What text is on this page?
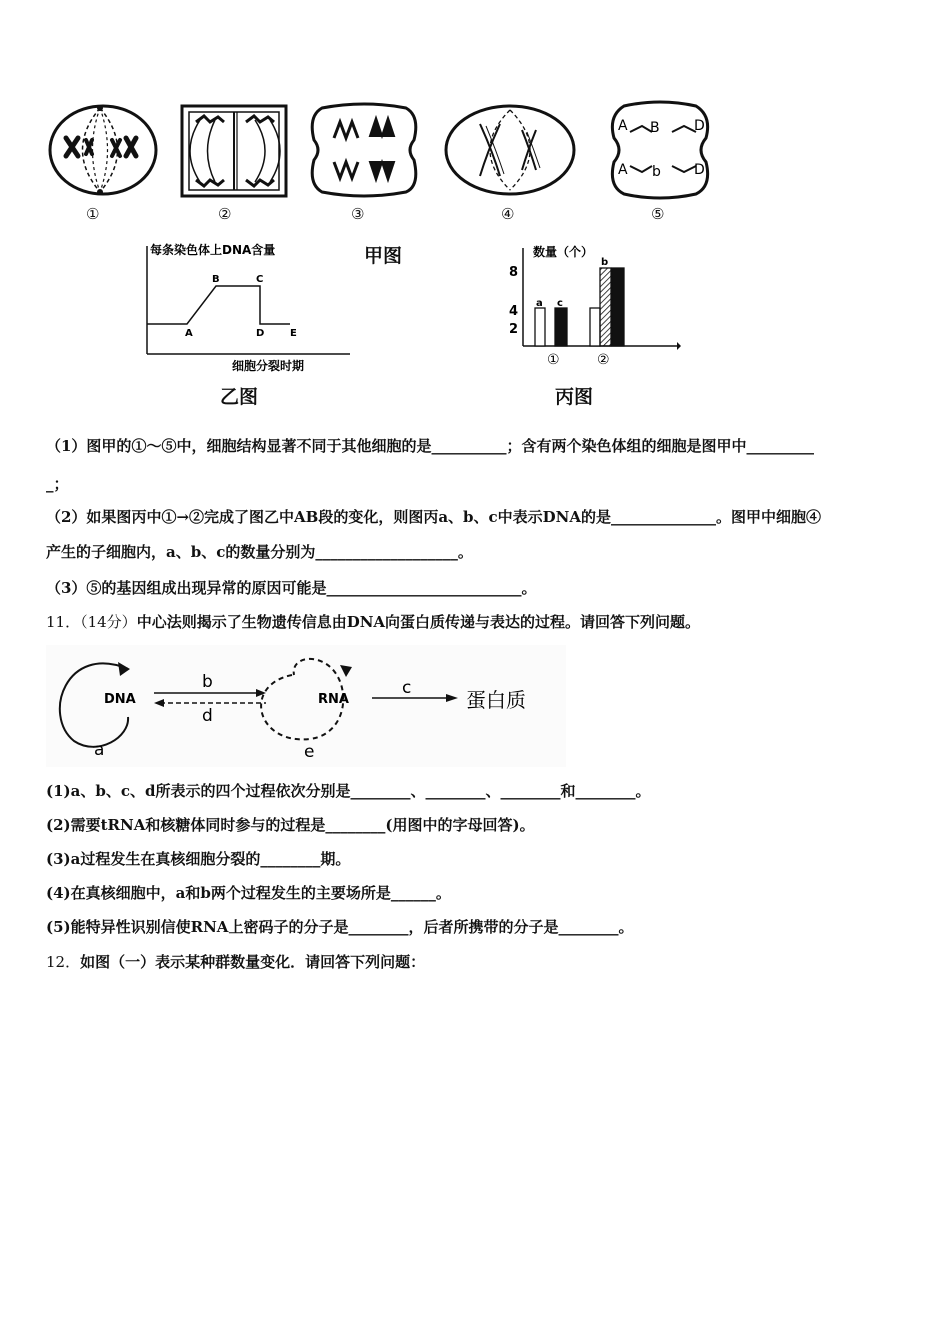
A B D
A b D
①	②	③	④	⑤
甲图
每条染色体上DNA含量
细胞分裂时期
A
B	C
D	E
乙图
数量（个）
8
4
2
a c
b
①	②
丙图
（1）图甲的①～⑤中，细胞结构显著不同于其他细胞的是__________；含有两个染色体组的细胞是图甲中_________
_；
（2）如果图丙中①→②完成了图乙中AB段的变化，则图丙a、b、c中表示DNA的是______________。图甲中细胞④
产生的子细胞内，a、b、c的数量分别为___________________。
（3）⑤的基因组成出现异常的原因可能是__________________________。
11．（14分）中心法则揭示了生物遗传信息由DNA向蛋白质传递与表达的过程。请回答下列问题。
DNA
a
b
d
RNA
e
c	蛋白质
(1)a、b、c、d所表示的四个过程依次分别是________、________、________和________。
(2)需要tRNA和核糖体同时参与的过程是________(用图中的字母回答)。
(3)a过程发生在真核细胞分裂的________期。
(4)在真核细胞中，a和b两个过程发生的主要场所是______。
(5)能特异性识别信使RNA上密码子的分子是________，后者所携带的分子是________。
12．如图（一）表示某种群数量变化．请回答下列问题：
